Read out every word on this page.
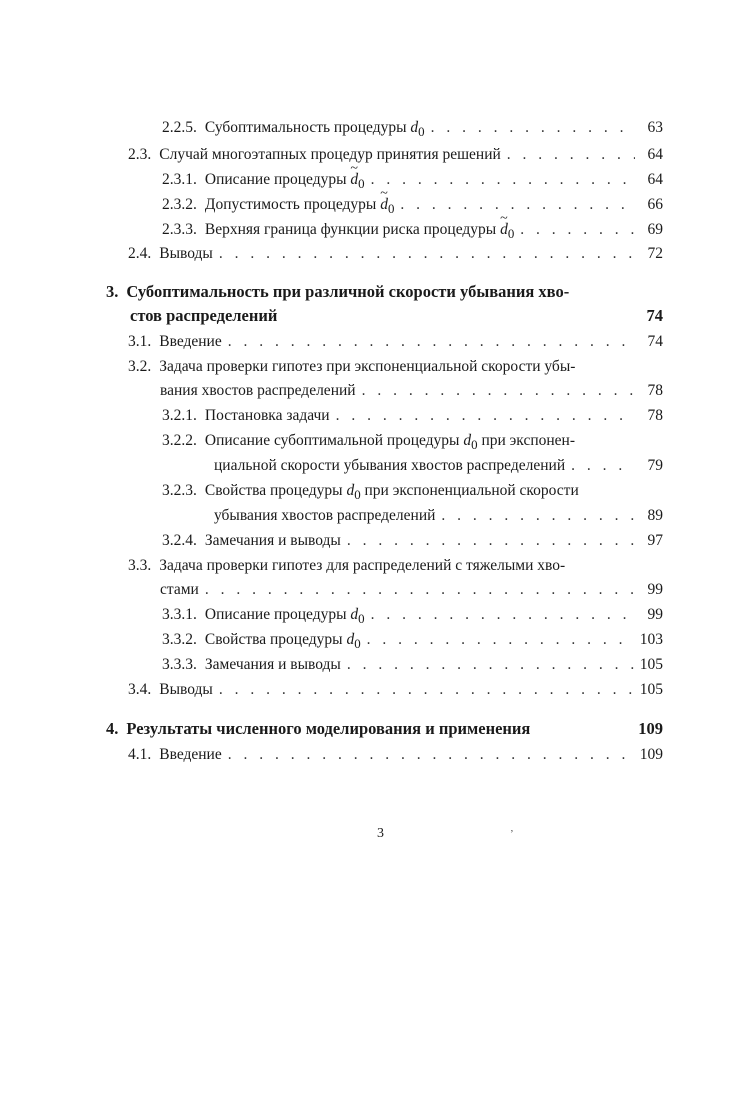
2.2.5. Субоптимальность процедуры $d_0$ . . .	63
2.3. Случай многоэтапных процедур принятия решений . . .	64
2.3.1. Описание процедуры ~ $d_0$ . . .	64
2.3.2. Допустимость процедуры ~ $d_0$ . . .	66
2.3.3. Верхняя граница функции риска процедуры ~ $d_0$ . . .	69
2.4. Выводы . . .	72
3. Субоптимальность при различной скорости убывания хво-
стов распределений	74
3.1. Введение . . .	74
3.2. Задача проверки гипотез при экспоненциальной скорости убы-
вания хвостов распределений . . .	78
3.2.1. Постановка задачи . . .	78
3.2.2. Описание субоптимальной процедуры $d_0$ при экспонен-
циальной скорости убывания хвостов распределений . . .	79
3.2.3. Свойства процедуры $d_0$ при экспоненциальной скорости
убывания хвостов распределений . . .	89
3.2.4. Замечания и выводы . . .	97
3.3. Задача проверки гипотез для распределений с тяжелыми хво-
стами . . .	99
3.3.1. Описание процедуры $d_0$ . . .	99
3.3.2. Свойства процедуры $d_0$ . . .	103
3.3.3. Замечания и выводы . . .	105
3.4. Выводы . . .	105
4. Результаты численного моделирования и применения	109
4.1. Введение . . .	109
3	ʼ
